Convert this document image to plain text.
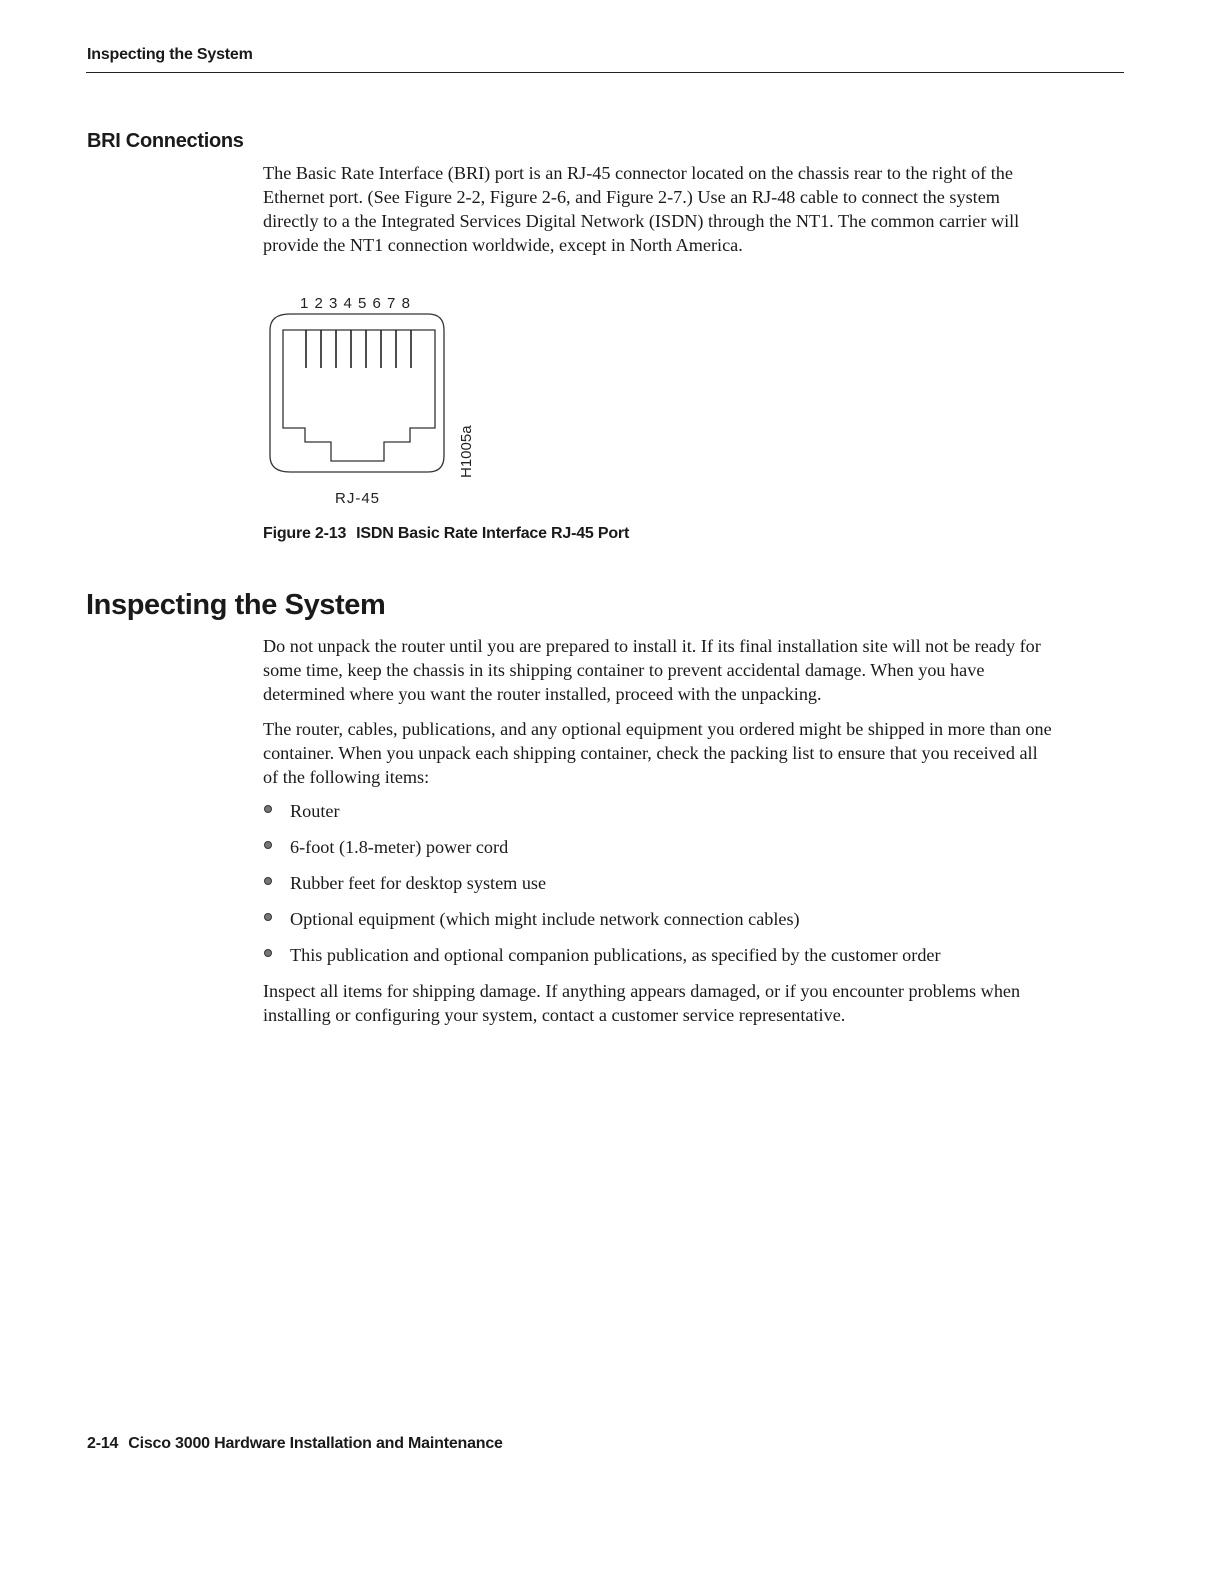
Inspecting the System
BRI Connections

The Basic Rate Interface (BRI) port is an RJ-45 connector located on the chassis rear to the right of the Ethernet port. (See Figure 2-2, Figure 2-6, and Figure 2-7.) Use an RJ-48 cable to connect the system directly to a the Integrated Services Digital Network (ISDN) through the NT1. The common carrier will provide the NT1 connection worldwide, except in North America.

1 2 3 4 5 6 7 8
RJ-45
H1005a
Figure 2-13 ISDN Basic Rate Interface RJ-45 Port
Inspecting the System

Do not unpack the router until you are prepared to install it. If its final installation site will not be ready for some time, keep the chassis in its shipping container to prevent accidental damage. When you have determined where you want the router installed, proceed with the unpacking.

The router, cables, publications, and any optional equipment you ordered might be shipped in more than one container. When you unpack each shipping container, check the packing list to ensure that you received all of the following items:

Router
6-foot (1.8-meter) power cord
Rubber feet for desktop system use
Optional equipment (which might include network connection cables)
This publication and optional companion publications, as specified by the customer order

Inspect all items for shipping damage. If anything appears damaged, or if you encounter problems when installing or configuring your system, contact a customer service representative.

2-14 Cisco 3000 Hardware Installation and Maintenance
